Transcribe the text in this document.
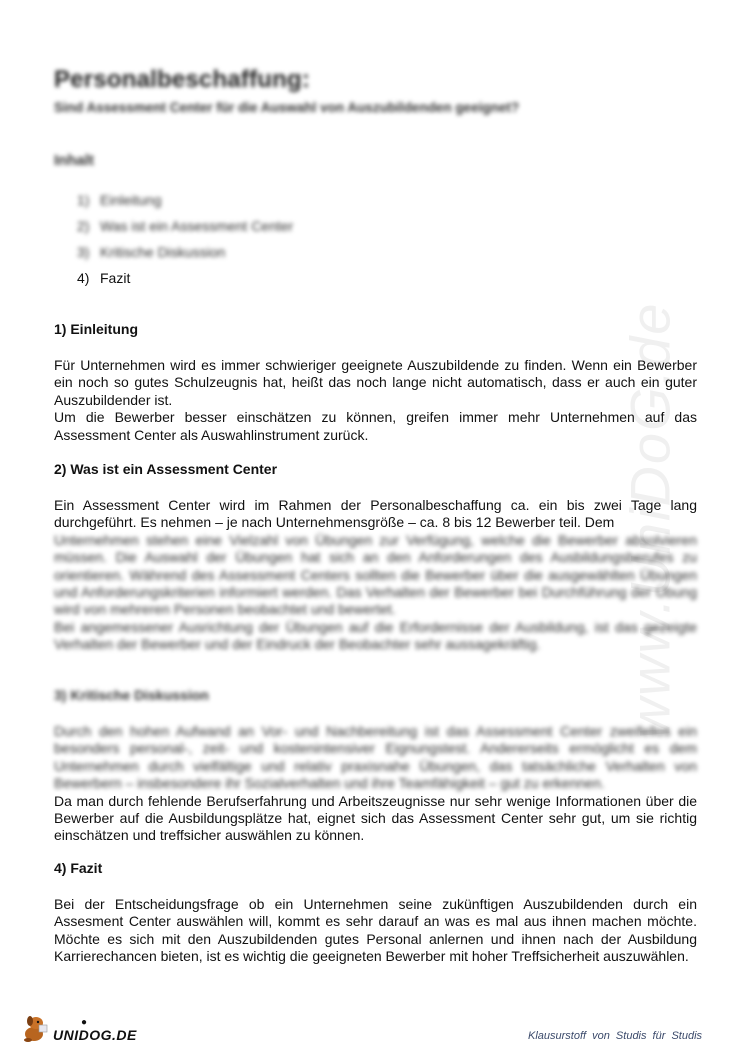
www.UniDoG.de
Personalbeschaffung:
Sind Assessment Center für die Auswahl von Auszubildenden geeignet?
Inhalt
1) Einleitung
2) Was ist ein Assessment Center
3) Kritische Diskussion
4) Fazit
1) Einleitung

Für Unternehmen wird es immer schwieriger geeignete Auszubildende zu finden. Wenn ein Bewerber ein noch so gutes Schulzeugnis hat, heißt das noch lange nicht automatisch, dass er auch ein guter Auszubildender ist.

Um die Bewerber besser einschätzen zu können, greifen immer mehr Unternehmen auf das Assessment Center als Auswahlinstrument zurück.

2) Was ist ein Assessment Center

Ein Assessment Center wird im Rahmen der Personalbeschaffung ca. ein bis zwei Tage lang durchgeführt. Es nehmen – je nach Unternehmensgröße – ca. 8 bis 12 Bewerber teil. Dem

Unternehmen stehen eine Vielzahl von Übungen zur Verfügung, welche die Bewerber absolvieren müssen. Die Auswahl der Übungen hat sich an den Anforderungen des Ausbildungsberufes zu orientieren. Während des Assessment Centers sollten die Bewerber über die ausgewählten Übungen und Anforderungskriterien informiert werden. Das Verhalten der Bewerber bei Durchführung der Übung wird von mehreren Personen beobachtet und bewertet.

Bei angemessener Ausrichtung der Übungen auf die Erfordernisse der Ausbildung, ist das gezeigte Verhalten der Bewerber und der Eindruck der Beobachter sehr aussagekräftig.

3) Kritische Diskussion

Durch den hohen Aufwand an Vor- und Nachbereitung ist das Assessment Center zweifellos ein besonders personal-, zeit- und kostenintensiver Eignungstest. Andererseits ermöglicht es dem Unternehmen durch vielfältige und relativ praxisnahe Übungen, das tatsächliche Verhalten von Bewerbern – insbesondere ihr Sozialverhalten und ihre Teamfähigkeit – gut zu erkennen.

Da man durch fehlende Berufserfahrung und Arbeitszeugnisse nur sehr wenige Informationen über die Bewerber auf die Ausbildungsplätze hat, eignet sich das Assessment Center sehr gut, um sie richtig einschätzen und treffsicher auswählen zu können.

4) Fazit

Bei der Entscheidungsfrage ob ein Unternehmen seine zukünftigen Auszubildenden durch ein Assesment Center auswählen will, kommt es sehr darauf an was es mal aus ihnen machen möchte. Möchte es sich mit den Auszubildenden gutes Personal anlernen und ihnen nach der Ausbildung Karrierechancen bieten, ist es wichtig die geeigneten Bewerber mit hoher Treffsicherheit auszuwählen.

●
UNIDOG.DE	Klausurstoff von Studis für Studis
